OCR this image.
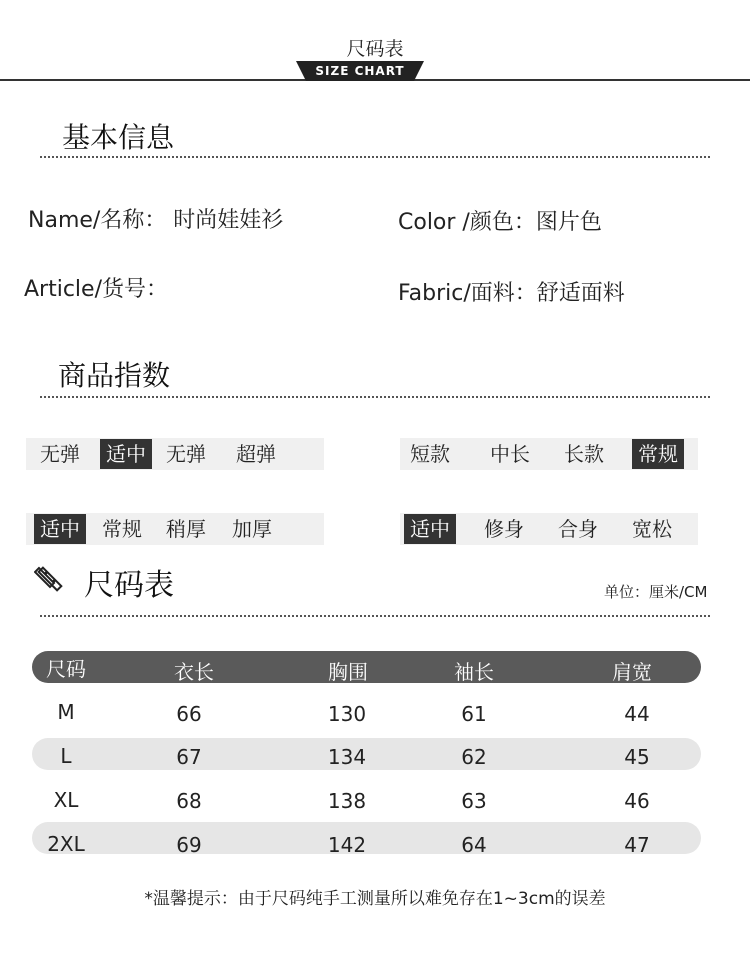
尺码表
SIZE CHART
基本信息
Name/名称： 时尚娃娃衫	Color /颜色：图片色
Article/货号：	Fabric/面料：舒适面料
商品指数
无弹	适中	无弹	超弹	短款	中长	长款	常规
适中	常规	稍厚	加厚	适中	修身	合身	宽松
尺码表	单位：厘米/CM
尺码	衣长	胸围	袖长	肩宽
M	66	130	61	44
L	67	134	62	45
XL	68	138	63	46
2XL	69	142	64	47
*温馨提示：由于尺码纯手工测量所以难免存在1~3cm的误差
